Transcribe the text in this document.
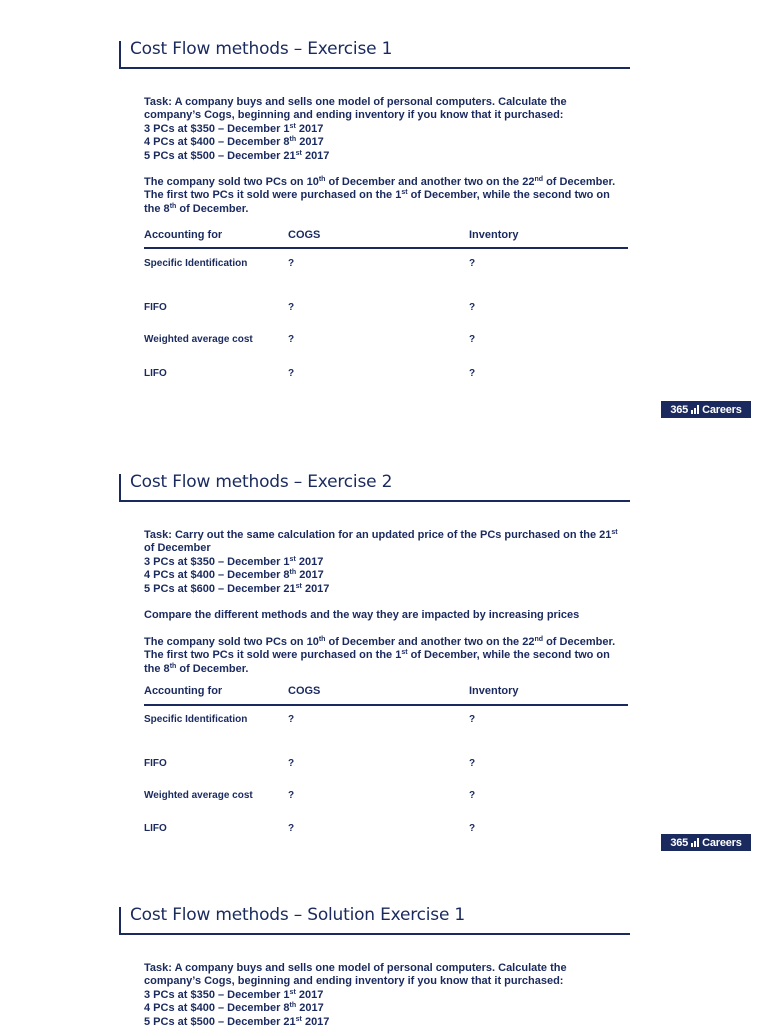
Cost Flow methods – Exercise 1
Task: A company buys and sells one model of personal computers. Calculate the
company’s Cogs, beginning and ending inventory if you know that it purchased:
3 PCs at $350 – December 1st 2017
4 PCs at $400 – December 8th 2017
5 PCs at $500 – December 21st 2017
The company sold two PCs on 10th of December and another two on the 22nd of December.
The first two PCs it sold were purchased on the 1st of December, while the second two on
the 8th of December.
Accounting for	COGS	Inventory
Specific Identification	?	?
FIFO	?	?
Weighted average cost	?	?
LIFO	?	?
365 Careers
Cost Flow methods – Exercise 2
Task: Carry out the same calculation for an updated price of the PCs purchased on the 21st
of December
3 PCs at $350 – December 1st 2017
4 PCs at $400 – December 8th 2017
5 PCs at $600 – December 21st 2017
Compare the different methods and the way they are impacted by increasing prices
The company sold two PCs on 10th of December and another two on the 22nd of December.
The first two PCs it sold were purchased on the 1st of December, while the second two on
the 8th of December.
Accounting for	COGS	Inventory
Specific Identification	?	?
FIFO	?	?
Weighted average cost	?	?
LIFO	?	?
365 Careers
Cost Flow methods – Solution Exercise 1
Task: A company buys and sells one model of personal computers. Calculate the
company’s Cogs, beginning and ending inventory if you know that it purchased:
3 PCs at $350 – December 1st 2017
4 PCs at $400 – December 8th 2017
5 PCs at $500 – December 21st 2017
